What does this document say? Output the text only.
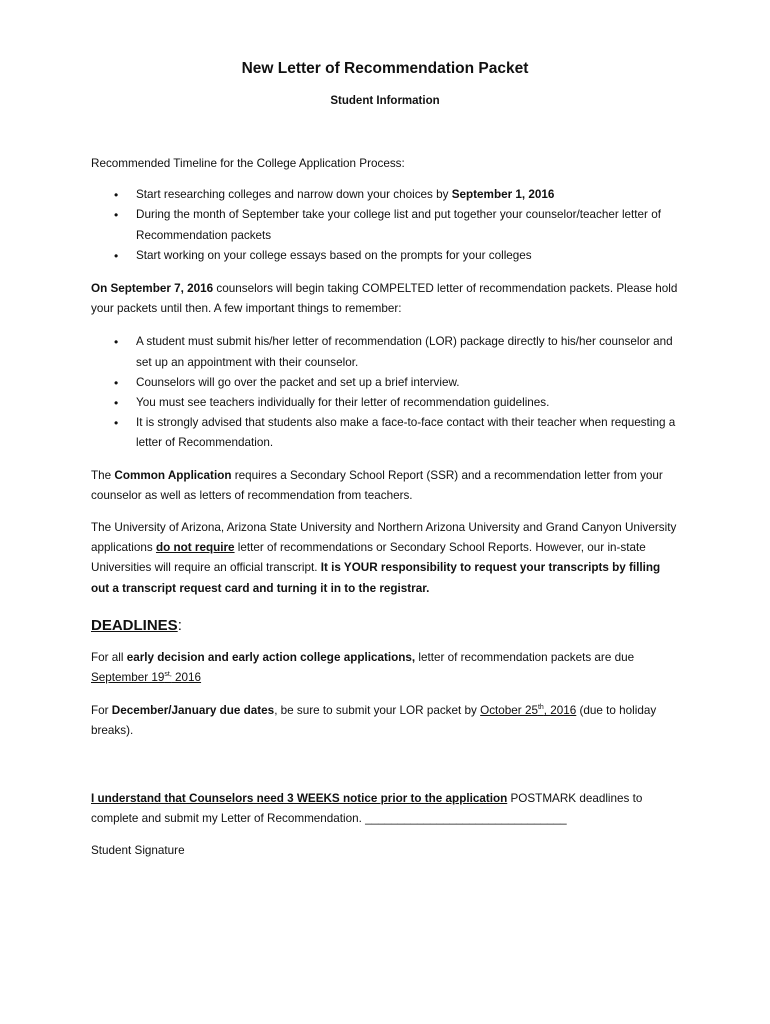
New Letter of Recommendation Packet
Student Information

Recommended Timeline for the College Application Process:

• Start researching colleges and narrow down your choices by September 1, 2016
• During the month of September take your college list and put together your counselor/teacher letter of Recommendation packets
• Start working on your college essays based on the prompts for your colleges

On September 7, 2016 counselors will begin taking COMPELTED letter of recommendation packets. Please hold your packets until then. A few important things to remember:

• A student must submit his/her letter of recommendation (LOR) package directly to his/her counselor and set up an appointment with their counselor.
• Counselors will go over the packet and set up a brief interview.
• You must see teachers individually for their letter of recommendation guidelines.
• It is strongly advised that students also make a face-to-face contact with their teacher when requesting a letter of Recommendation.

The Common Application requires a Secondary School Report (SSR) and a recommendation letter from your counselor as well as letters of recommendation from teachers.

The University of Arizona, Arizona State University and Northern Arizona University and Grand Canyon University applications do not require letter of recommendations or Secondary School Reports. However, our in-state Universities will require an official transcript. It is YOUR responsibility to request your transcripts by filling out a transcript request card and turning it in to the registrar.

DEADLINES:

For all early decision and early action college applications, letter of recommendation packets are due September $19^{st,}$ 2016

For December/January due dates, be sure to submit your LOR packet by October 25th, 2016 (due to holiday breaks).

I understand that Counselors need 3 WEEKS notice prior to the application POSTMARK deadlines to complete and submit my Letter of Recommendation. _______________________________

Student Signature
